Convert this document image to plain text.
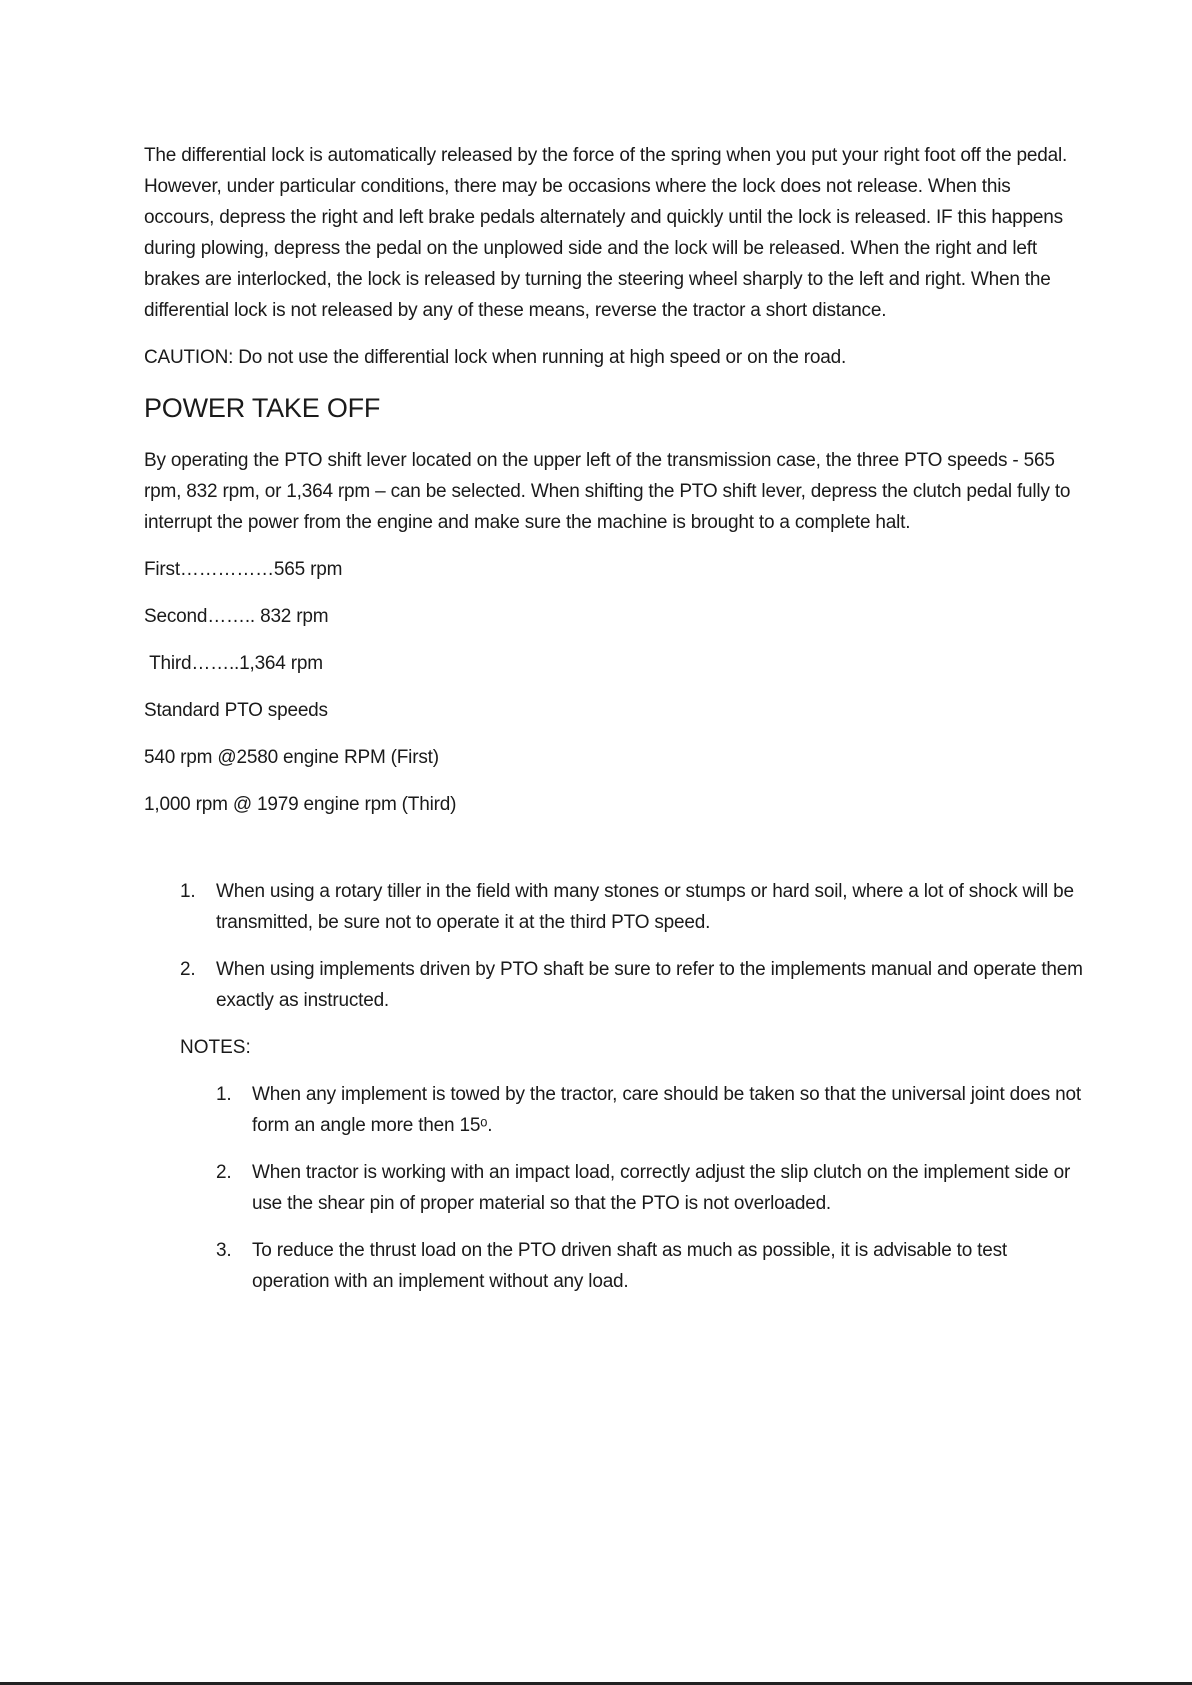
The differential lock is automatically released by the force of the spring when you put your right foot off the pedal. However, under particular conditions, there may be occasions where the lock does not release. When this occours, depress the right and left brake pedals alternately and quickly until the lock is released. IF this happens during plowing, depress the pedal on the unplowed side and the lock will be released. When the right and left brakes are interlocked, the lock is released by turning the steering wheel sharply to the left and right. When the differential lock is not released by any of these means, reverse the tractor a short distance.

CAUTION: Do not use the differential lock when running at high speed or on the road.

POWER TAKE OFF

By operating the PTO shift lever located on the upper left of the transmission case, the three PTO speeds - 565 rpm, 832 rpm, or 1,364 rpm – can be selected. When shifting the PTO shift lever, depress the clutch pedal fully to interrupt the power from the engine and make sure the machine is brought to a complete halt.

First……………565 rpm

Second…….. 832 rpm

Third……..1,364 rpm

Standard PTO speeds

540 rpm @2580 engine RPM (First)

1,000 rpm @ 1979 engine rpm (Third)

1. When using a rotary tiller in the field with many stones or stumps or hard soil, where a lot of shock will be transmitted, be sure not to operate it at the third PTO speed.
2. When using implements driven by PTO shaft be sure to refer to the implements manual and operate them exactly as instructed.

NOTES:

1. When any implement is towed by the tractor, care should be taken so that the universal joint does not form an angle more then 15ᵒ.
2. When tractor is working with an impact load, correctly adjust the slip clutch on the implement side or use the shear pin of proper material so that the PTO is not overloaded.
3. To reduce the thrust load on the PTO driven shaft as much as possible, it is advisable to test operation with an implement without any load.
